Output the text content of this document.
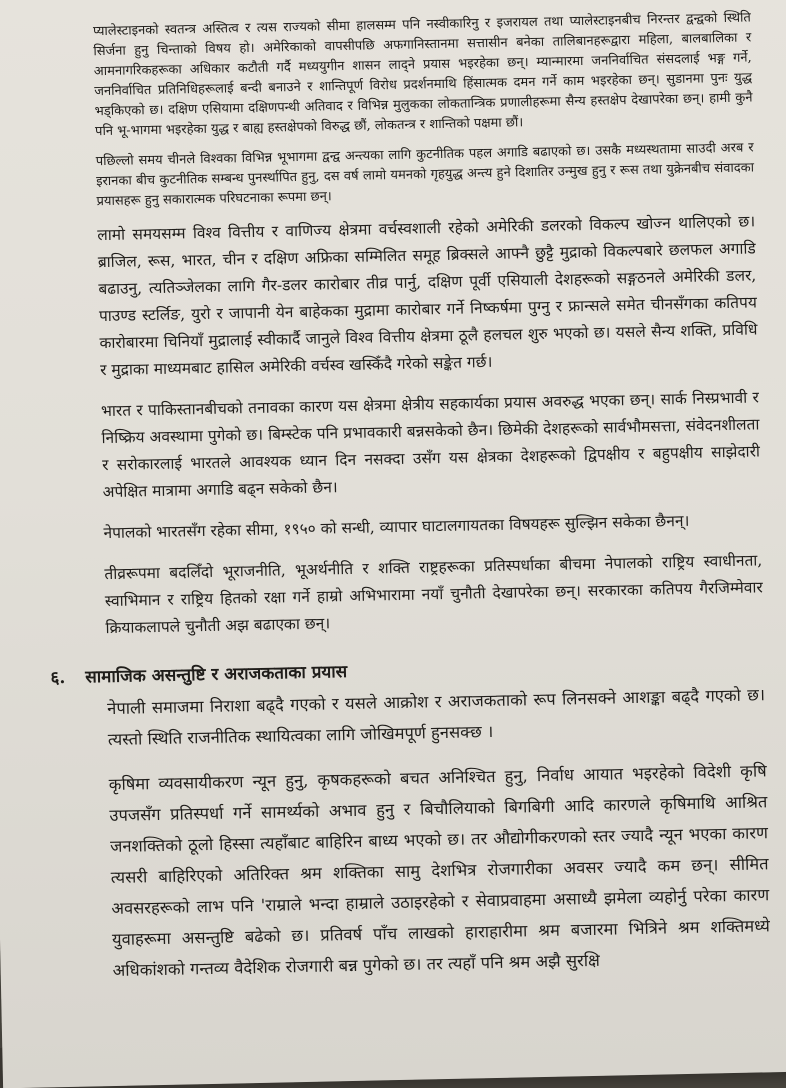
प्यालेस्टाइनको स्वतन्त्र अस्तित्व र त्यस राज्यको सीमा हालसम्म पनि नस्वीकारिनु र इजरायल तथा प्यालेस्टाइनबीच निरन्तर द्वन्द्वको स्थिति सिर्जना हुनु चिन्ताको विषय हो। अमेरिकाको वापसीपछि अफगानिस्तानमा सत्तासीन बनेका तालिबानहरूद्वारा महिला, बालबालिका र आमनागरिकहरूका अधिकार कटौती गर्दै मध्ययुगीन शासन लाद्ने प्रयास भइरहेका छन्। म्यान्मारमा जननिर्वाचित संसदलाई भङ्ग गर्ने, जननिर्वाचित प्रतिनिधिहरूलाई बन्दी बनाउने र शान्तिपूर्ण विरोध प्रदर्शनमाथि हिंसात्मक दमन गर्ने काम भइरहेका छन्। सुडानमा पुनः युद्ध भड्किएको छ। दक्षिण एसियामा दक्षिणपन्थी अतिवाद र विभिन्न मुलुकका लोकतान्त्रिक प्रणालीहरूमा सैन्य हस्तक्षेप देखापरेका छन्। हामी कुनै पनि भू-भागमा भइरहेका युद्ध र बाह्य हस्तक्षेपको विरुद्ध छौं, लोकतन्त्र र शान्तिको पक्षमा छौं।

पछिल्लो समय चीनले विश्वका विभिन्न भूभागमा द्वन्द्व अन्त्यका लागि कुटनीतिक पहल अगाडि बढाएको छ। उसकै मध्यस्थतामा साउदी अरब र इरानका बीच कुटनीतिक सम्बन्ध पुनर्स्थापित हुनु, दस वर्ष लामो यमनको गृहयुद्ध अन्त्य हुने दिशातिर उन्मुख हुनु र रूस तथा युक्रेनबीच संवादका प्रयासहरू हुनु सकारात्मक परिघटनाका रूपमा छन्।

लामो समयसम्म विश्व वित्तीय र वाणिज्य क्षेत्रमा वर्चस्वशाली रहेको अमेरिकी डलरको विकल्प खोज्न थालिएको छ। ब्राजिल, रूस, भारत, चीन र दक्षिण अफ्रिका सम्मिलित समूह ब्रिक्सले आफ्नै छुट्टै मुद्राको विकल्पबारे छलफल अगाडि बढाउनु, त्यतिञ्जेलका लागि गैर-डलर कारोबार तीव्र पार्नु, दक्षिण पूर्वी एसियाली देशहरूको सङ्गठनले अमेरिकी डलर, पाउण्ड स्टर्लिङ, युरो र जापानी येन बाहेकका मुद्रामा कारोबार गर्ने निष्कर्षमा पुग्नु र फ्रान्सले समेत चीनसँगका कतिपय कारोबारमा चिनियाँ मुद्रालाई स्वीकार्दै जानुले विश्व वित्तीय क्षेत्रमा ठूलै हलचल शुरु भएको छ। यसले सैन्य शक्ति, प्रविधि र मुद्राका माध्यमबाट हासिल अमेरिकी वर्चस्व खस्किँदै गरेको सङ्केत गर्छ।

भारत र पाकिस्तानबीचको तनावका कारण यस क्षेत्रमा क्षेत्रीय सहकार्यका प्रयास अवरुद्ध भएका छन्। सार्क निस्प्रभावी र निष्क्रिय अवस्थामा पुगेको छ। बिम्स्टेक पनि प्रभावकारी बन्नसकेको छैन। छिमेकी देशहरूको सार्वभौमसत्ता, संवेदनशीलता र सरोकारलाई भारतले आवश्यक ध्यान दिन नसक्दा उसँग यस क्षेत्रका देशहरूको द्विपक्षीय र बहुपक्षीय साझेदारी अपेक्षित मात्रामा अगाडि बढ्न सकेको छैन।

नेपालको भारतसँग रहेका सीमा, १९५० को सन्धी, व्यापार घाटालगायतका विषयहरू सुल्झिन सकेका छैनन्।

तीव्ररूपमा बदलिँदो भूराजनीति, भूअर्थनीति र शक्ति राष्ट्रहरूका प्रतिस्पर्धाका बीचमा नेपालको राष्ट्रिय स्वाधीनता, स्वाभिमान र राष्ट्रिय हितको रक्षा गर्ने हाम्रो अभिभारामा नयाँ चुनौती देखापरेका छन्। सरकारका कतिपय गैरजिम्मेवार क्रियाकलापले चुनौती अझ बढाएका छन्।

६. सामाजिक असन्तुष्टि र अराजकताका प्रयास

नेपाली समाजमा निराशा बढ्दै गएको र यसले आक्रोश र अराजकताको रूप लिनसक्ने आशङ्का बढ्दै गएको छ। त्यस्तो स्थिति राजनीतिक स्थायित्वका लागि जोखिमपूर्ण हुनसक्छ ।

कृषिमा व्यवसायीकरण न्यून हुनु, कृषकहरूको बचत अनिश्चित हुनु, निर्वाध आयात भइरहेको विदेशी कृषि उपजसँग प्रतिस्पर्धा गर्ने सामर्थ्यको अभाव हुनु र बिचौलियाको बिगबिगी आदि कारणले कृषिमाथि आश्रित जनशक्तिको ठूलो हिस्सा त्यहाँबाट बाहिरिन बाध्य भएको छ। तर औद्योगीकरणको स्तर ज्यादै न्यून भएका कारण त्यसरी बाहिरिएको अतिरिक्त श्रम शक्तिका सामु देशभित्र रोजगारीका अवसर ज्यादै कम छन्। सीमित अवसरहरूको लाभ पनि 'राम्राले भन्दा हाम्राले उठाइरहेको र सेवाप्रवाहमा असाध्यै झमेला व्यहोर्नु परेका कारण युवाहरूमा असन्तुष्टि बढेको छ। प्रतिवर्ष पाँच लाखको हाराहारीमा श्रम बजारमा भित्रिने श्रम शक्तिमध्ये अधिकांशको गन्तव्य वैदेशिक रोजगारी बन्न पुगेको छ। तर त्यहाँ पनि श्रम अझै सुरक्षि
